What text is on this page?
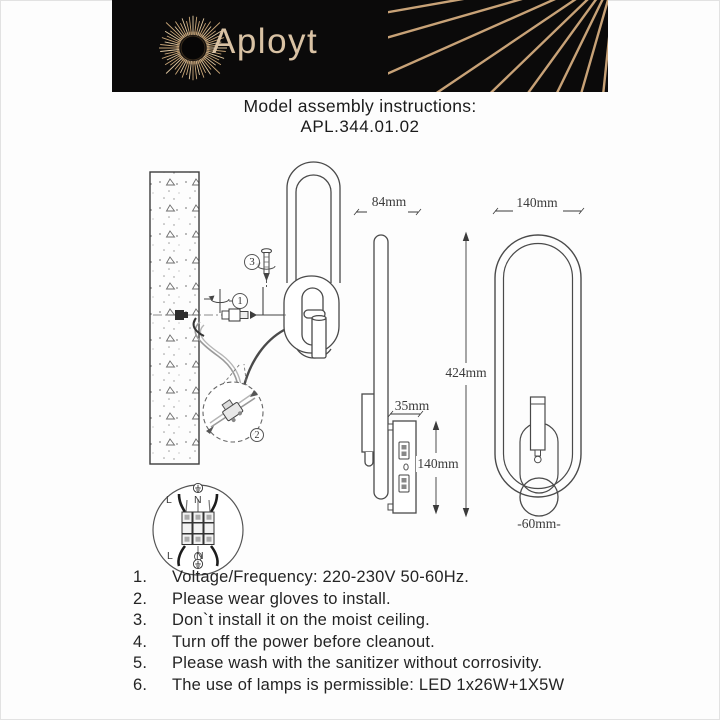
Aployt
Model assembly instructions:
APL.344.01.02
1
2
3
L N
L N
84mm
35mm
140mm
140mm
424mm
-60mm-
1. Voltage/Frequency: 220-230V 50-60Hz.
2. Please wear gloves to install.
3. Don`t install it on the moist ceiling.
4. Turn off the power before cleanout.
5. Please wash with the sanitizer without corrosivity.
6. The use of lamps is permissible: LED 1x26W+1X5W
